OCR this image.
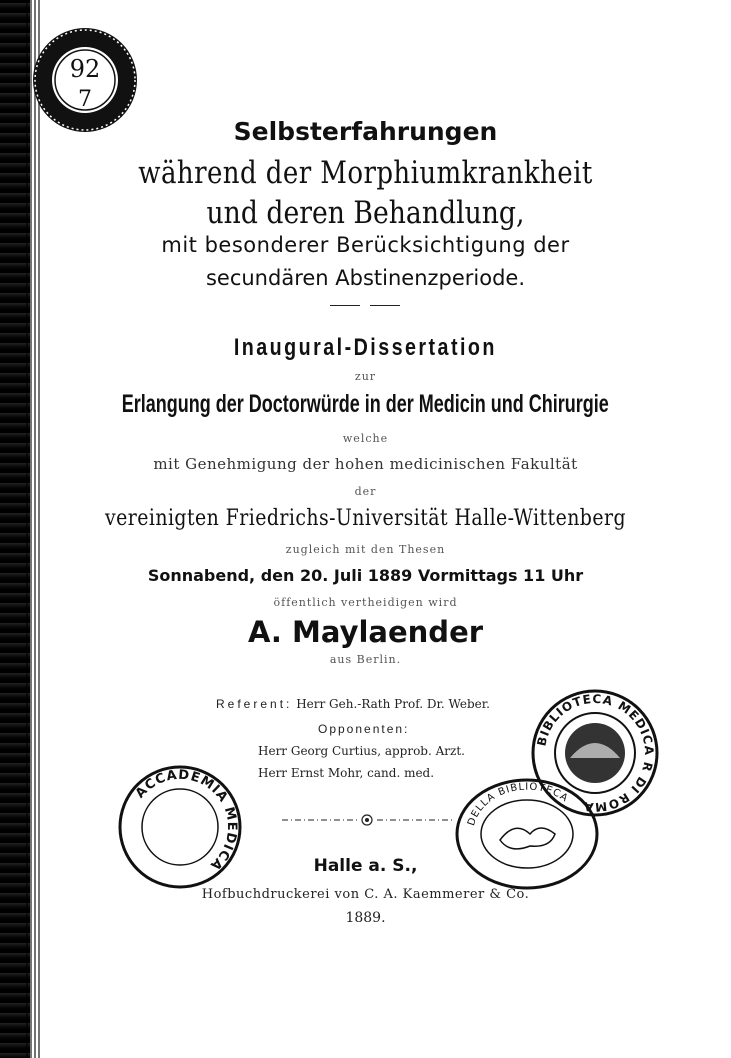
92
7

Selbsterfahrungen

während der Morphiumkrankheit

und deren Behandlung,

mit besonderer Berücksichtigung der

secundären Abstinenzperiode.

Inaugural-Dissertation

zur

Erlangung der Doctorwürde in der Medicin und Chirurgie

welche

mit Genehmigung der hohen medicinischen Fakultät

der

vereinigten Friedrichs-Universität Halle-Wittenberg

zugleich mit den Thesen

Sonnabend, den 20. Juli 1889 Vormittags 11 Uhr

öffentlich vertheidigen wird

A. Maylaender

aus Berlin.

Referent: Herr Geh.-Rath Prof. Dr. Weber.
Opponenten:
Herr Georg Curtius, approb. Arzt.
Herr Ernst Mohr, cand. med.
BIBLIOTECA MEDICA R DI ROMA
ACCADEMIA MEDICA
DELLA BIBLIOTECA

Halle a. S.,

Hofbuchdruckerei von C. A. Kaemmerer & Co.

1889.
